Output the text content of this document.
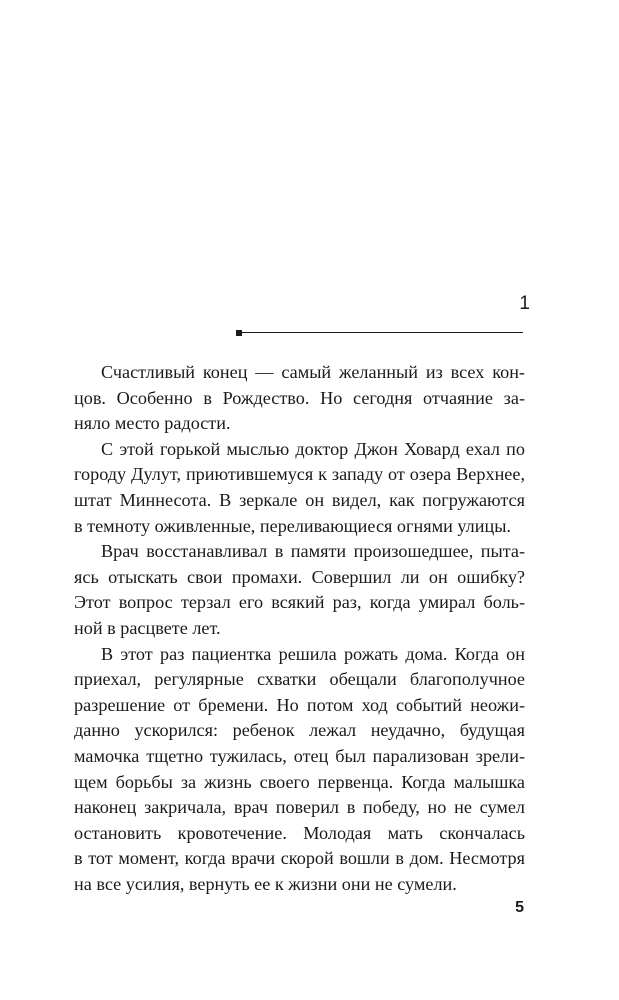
1
Счастливый конец — самый желанный из всех кон-
цов. Особенно в Рождество. Но сегодня отчаяние за-
няло место радости.
С этой горькой мыслью доктор Джон Ховард ехал по
городу Дулут, приютившемуся к западу от озера Верхнее,
штат Миннесота. В зеркале он видел, как погружаются
в темноту оживленные, переливающиеся огнями улицы.
Врач восстанавливал в памяти произошедшее, пыта-
ясь отыскать свои промахи. Совершил ли он ошибку?
Этот вопрос терзал его всякий раз, когда умирал боль-
ной в расцвете лет.
В этот раз пациентка решила рожать дома. Когда он
приехал, регулярные схватки обещали благополучное
разрешение от бремени. Но потом ход событий неожи-
данно ускорился: ребенок лежал неудачно, будущая
мамочка тщетно тужилась, отец был парализован зрели-
щем борьбы за жизнь своего первенца. Когда малышка
наконец закричала, врач поверил в победу, но не сумел
остановить кровотечение. Молодая мать скончалась
в тот момент, когда врачи скорой вошли в дом. Несмотря
на все усилия, вернуть ее к жизни они не сумели.
5
